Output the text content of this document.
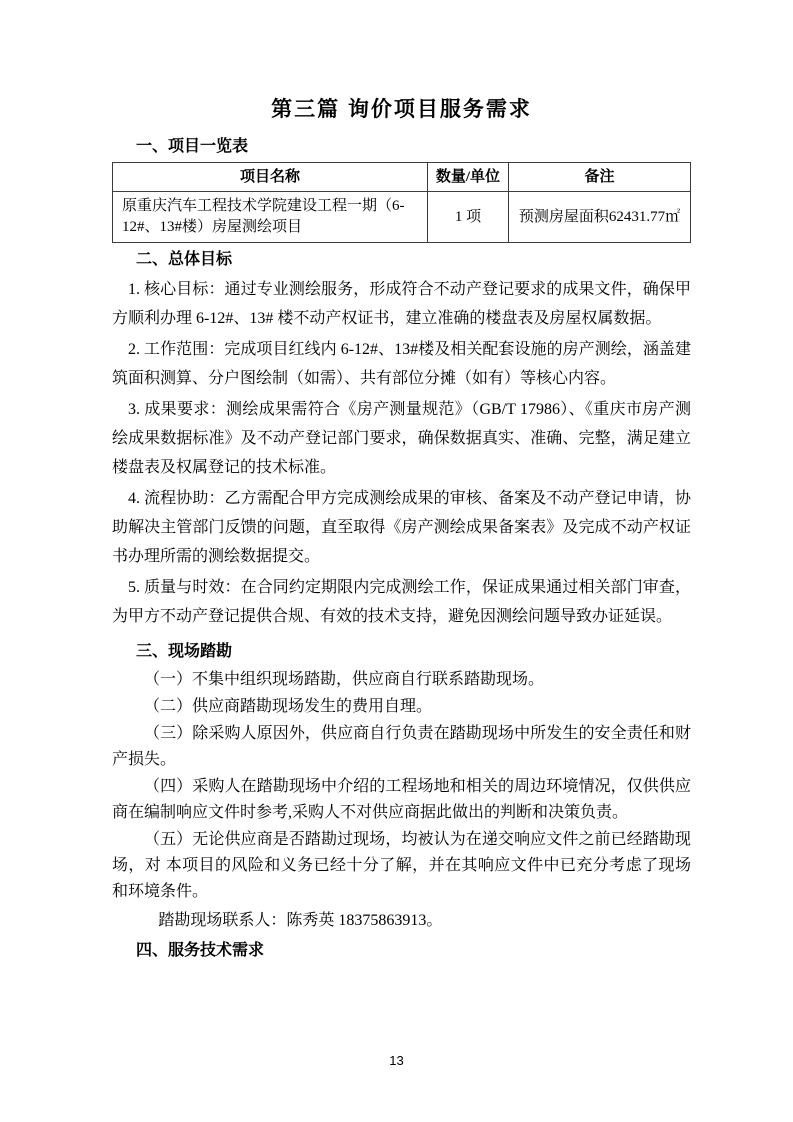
第三篇 询价项目服务需求
一、项目一览表
项目名称	数量/单位	备注
原重庆汽车工程技术学院建设工程一期（6-12#、13#楼）房屋测绘项目	1 项	预测房屋面积62431.77㎡
二、总体目标

1. 核心目标：通过专业测绘服务，形成符合不动产登记要求的成果文件，确保甲方顺利办理 6-12#、13# 楼不动产权证书，建立准确的楼盘表及房屋权属数据。

2. 工作范围：完成项目红线内 6-12#、13#楼及相关配套设施的房产测绘，涵盖建筑面积测算、分户图绘制（如需）、共有部位分摊（如有）等核心内容。

3. 成果要求：测绘成果需符合《房产测量规范》（GB/T 17986）、《重庆市房产测绘成果数据标准》及不动产登记部门要求，确保数据真实、准确、完整，满足建立楼盘表及权属登记的技术标准。

4. 流程协助：乙方需配合甲方完成测绘成果的审核、备案及不动产登记申请，协助解决主管部门反馈的问题，直至取得《房产测绘成果备案表》及完成不动产权证书办理所需的测绘数据提交。

5. 质量与时效：在合同约定期限内完成测绘工作，保证成果通过相关部门审查，为甲方不动产登记提供合规、有效的技术支持，避免因测绘问题导致办证延误。

三、现场踏勘

（一）不集中组织现场踏勘，供应商自行联系踏勘现场。

（二）供应商踏勘现场发生的费用自理。

（三）除采购人原因外，供应商自行负责在踏勘现场中所发生的安全责任和财产损失。

（四）采购人在踏勘现场中介绍的工程场地和相关的周边环境情况，仅供供应商在编制响应文件时参考,采购人不对供应商据此做出的判断和决策负责。

（五）无论供应商是否踏勘过现场，均被认为在递交响应文件之前已经踏勘现场，对 本项目的风险和义务已经十分了解，并在其响应文件中已充分考虑了现场和环境条件。

踏勘现场联系人：陈秀英 18375863913。

四、服务技术需求
13
